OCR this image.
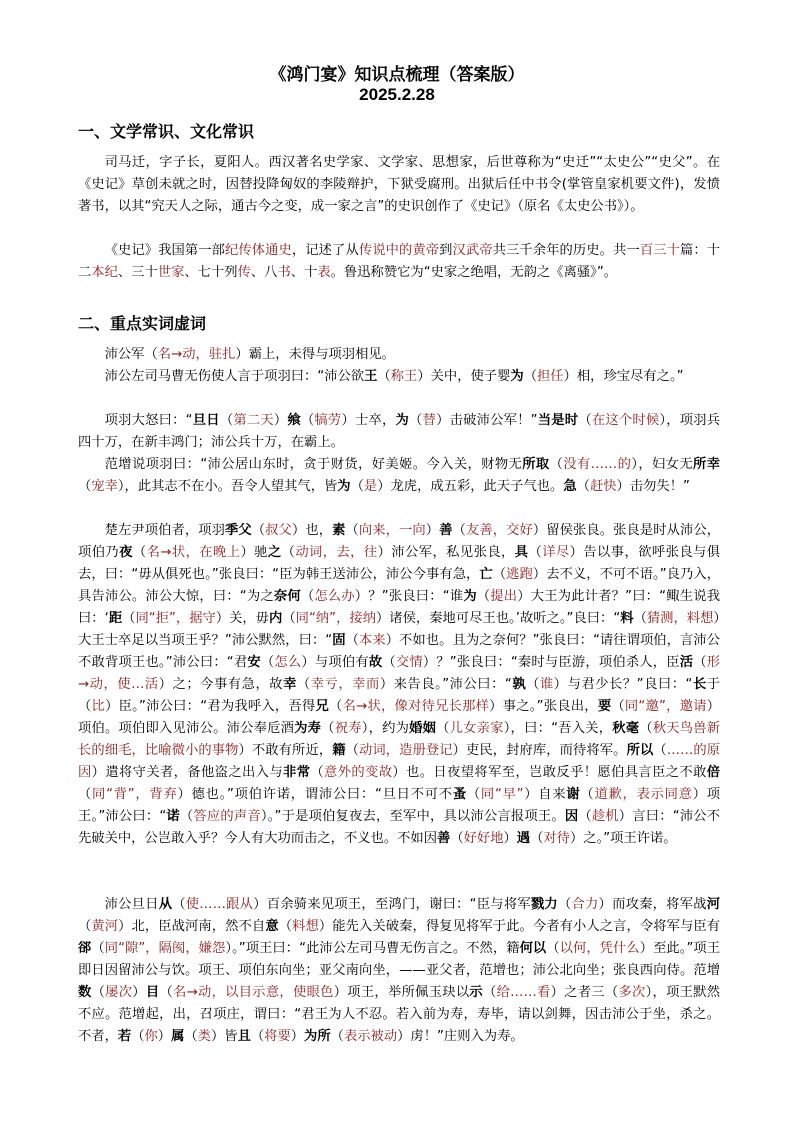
《鸿门宴》知识点梳理（答案版）
2025.2.28
一、文学常识、文化常识

司马迁，字子长，夏阳人。西汉著名史学家、文学家、思想家，后世尊称为“史迁”“太史公”“史父”。在《史记》草创未就之时，因替投降匈奴的李陵辩护，下狱受腐刑。出狱后任中书令(掌管皇家机要文件)，发愤著书，以其“究天人之际，通古今之变，成一家之言”的史识创作了《史记》（原名《太史公书》）。

《史记》我国第一部纪传体通史，记述了从传说中的黄帝到汉武帝共三千余年的历史。共一百三十篇：十二本纪、三十世家、七十列传、八书、十表。鲁迅称赞它为“史家之绝唱，无韵之《离骚》”。

二、重点实词虚词

沛公军（名→动，驻扎）霸上，未得与项羽相见。

沛公左司马曹无伤使人言于项羽曰：“沛公欲王（称王）关中，使子婴为（担任）相，珍宝尽有之。”

项羽大怒曰：“旦日（第二天）飨（犒劳）士卒，为（替）击破沛公军！”当是时（在这个时候），项羽兵四十万，在新丰鸿门；沛公兵十万，在霸上。

范增说项羽曰：“沛公居山东时，贪于财货，好美姬。今入关，财物无所取（没有……的），妇女无所幸（宠幸），此其志不在小。吾令人望其气，皆为（是）龙虎，成五彩，此天子气也。急（赶快）击勿失！”

楚左尹项伯者，项羽季父（叔父）也，素（向来，一向）善（友善，交好）留侯张良。张良是时从沛公，项伯乃夜（名→状，在晚上）驰之（动词，去，往）沛公军，私见张良，具（详尽）告以事，欲呼张良与俱去，曰：“毋从俱死也。”张良曰：“臣为韩王送沛公，沛公今事有急，亡（逃跑）去不义，不可不语。”良乃入，具告沛公。沛公大惊，曰：“为之奈何（怎么办）？”张良曰：“谁为（提出）大王为此计者？”曰：“鲰生说我曰：‘距（同“拒”，据守）关，毋内（同“纳”，接纳）诸侯，秦地可尽王也。’故听之。”良曰：“料（猜测，料想）大王士卒足以当项王乎？”沛公默然，曰：“固（本来）不如也。且为之奈何？”张良曰：“请往谓项伯，言沛公不敢背项王也。”沛公曰：“君安（怎么）与项伯有故（交情）？”张良曰：“秦时与臣游，项伯杀人，臣活（形→动，使…活）之；今事有急，故幸（幸亏，幸而）来告良。”沛公曰：“孰（谁）与君少长？”良曰：“长于（比）臣。”沛公曰：“君为我呼入，吾得兄（名→状，像对待兄长那样）事之。”张良出，要（同“邀”，邀请）项伯。项伯即入见沛公。沛公奉卮酒为寿（祝寿），约为婚姻（儿女亲家），曰：“吾入关，秋毫（秋天鸟兽新长的细毛，比喻微小的事物）不敢有所近，籍（动词，造册登记）吏民，封府库，而待将军。所以（……的原因）遣将守关者，备他盗之出入与非常（意外的变故）也。日夜望将军至，岂敢反乎！愿伯具言臣之不敢倍（同“背”，背弃）德也。”项伯许诺，谓沛公曰：“旦日不可不蚤（同“早”）自来谢（道歉，表示同意）项王。”沛公曰：“诺（答应的声音）。”于是项伯复夜去，至军中，具以沛公言报项王。因（趁机）言曰：“沛公不先破关中，公岂敢入乎？今人有大功而击之，不义也。不如因善（好好地）遇（对待）之。”项王许诺。

沛公旦日从（使……跟从）百余骑来见项王，至鸿门，谢曰：“臣与将军戮力（合力）而攻秦，将军战河（黄河）北，臣战河南，然不自意（料想）能先入关破秦，得复见将军于此。今者有小人之言，令将军与臣有郤（同“隙”，隔阂，嫌怨）。”项王曰：“此沛公左司马曹无伤言之。不然，籍何以（以何，凭什么）至此。”项王即日因留沛公与饮。项王、项伯东向坐；亚父南向坐，——亚父者，范增也；沛公北向坐；张良西向侍。范增数（屡次）目（名→动，以目示意，使眼色）项王，举所佩玉玦以示（给……看）之者三（多次），项王默然不应。范增起，出，召项庄，谓曰：“君王为人不忍。若入前为寿，寿毕，请以剑舞，因击沛公于坐，杀之。不者，若（你）属（类）皆且（将要）为所（表示被动）虏！”庄则入为寿。
